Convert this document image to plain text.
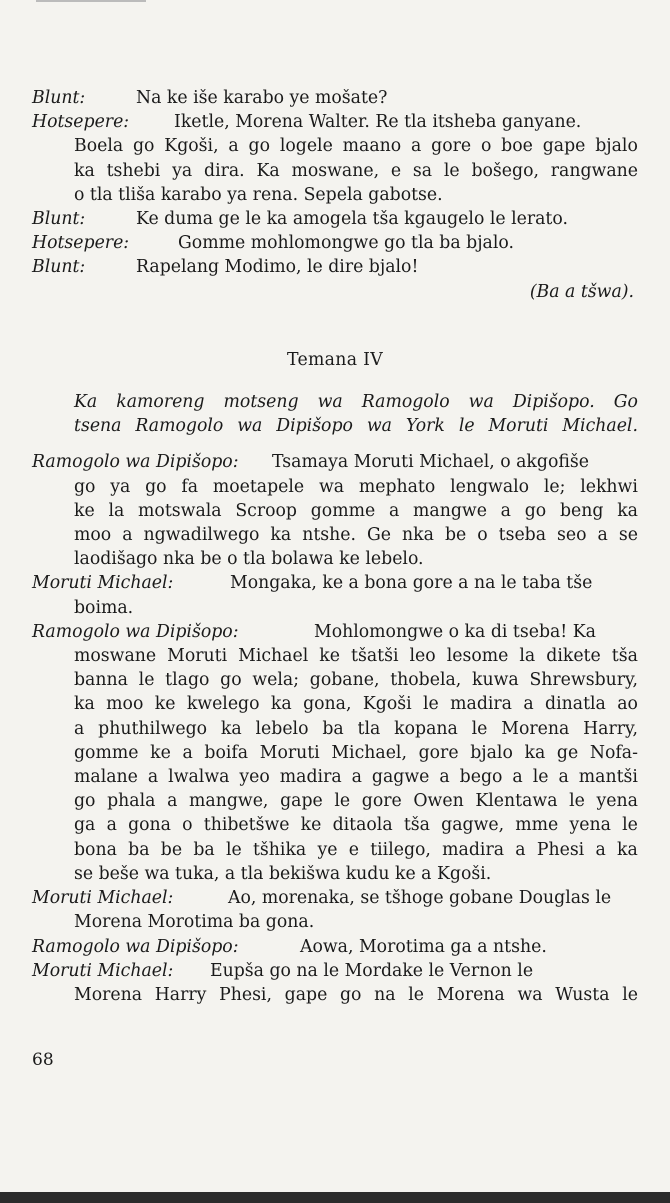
Blunt:	Na ke iše karabo ye mošate?
Hotsepere:	Iketle, Morena Walter. Re tla itsheba ganyane.
Boela go Kgoši, a go logele maano a gore o boe gape bjalo
ka tshebi ya dira. Ka moswane, e sa le bošego, rangwane
o tla tliša karabo ya rena. Sepela gabotse.
Blunt:	Ke duma ge le ka amogela tša kgaugelo le lerato.
Hotsepere:	Gomme mohlomongwe go tla ba bjalo.
Blunt:	Rapelang Modimo, le dire bjalo!
(Ba a tšwa).
Temana IV
Ka kamoreng motseng wa Ramogolo wa Dipišopo. Go
tsena Ramogolo wa Dipišopo wa York le Moruti Michael.
Ramogolo wa Dipišopo:	Tsamaya Moruti Michael, o akgofiše
go ya go fa moetapele wa mephato lengwalo le; lekhwi
ke la motswala Scroop gomme a mangwe a go beng ka
moo a ngwadilwego ka ntshe. Ge nka be o tseba seo a se
laodišago nka be o tla bolawa ke lebelo.
Moruti Michael:	Mongaka, ke a bona gore a na le taba tše
boima.
Ramogolo wa Dipišopo:	Mohlomongwe o ka di tseba! Ka
moswane Moruti Michael ke tšatši leo lesome la dikete tša
banna le tlago go wela; gobane, thobela, kuwa Shrewsbury,
ka moo ke kwelego ka gona, Kgoši le madira a dinatla ao
a phuthilwego ka lebelo ba tla kopana le Morena Harry,
gomme ke a boifa Moruti Michael, gore bjalo ka ge Nofa-
malane a lwalwa yeo madira a gagwe a bego a le a mantši
go phala a mangwe, gape le gore Owen Klentawa le yena
ga a gona o thibetšwe ke ditaola tša gagwe, mme yena le
bona ba be ba le tšhika ye e tiilego, madira a Phesi a ka
se beše wa tuka, a tla bekišwa kudu ke a Kgoši.
Moruti Michael:	Ao, morenaka, se tšhoge gobane Douglas le
Morena Morotima ba gona.
Ramogolo wa Dipišopo:	Aowa, Morotima ga a ntshe.
Moruti Michael:	Eupša go na le Mordake le Vernon le
Morena Harry Phesi, gape go na le Morena wa Wusta le
68
